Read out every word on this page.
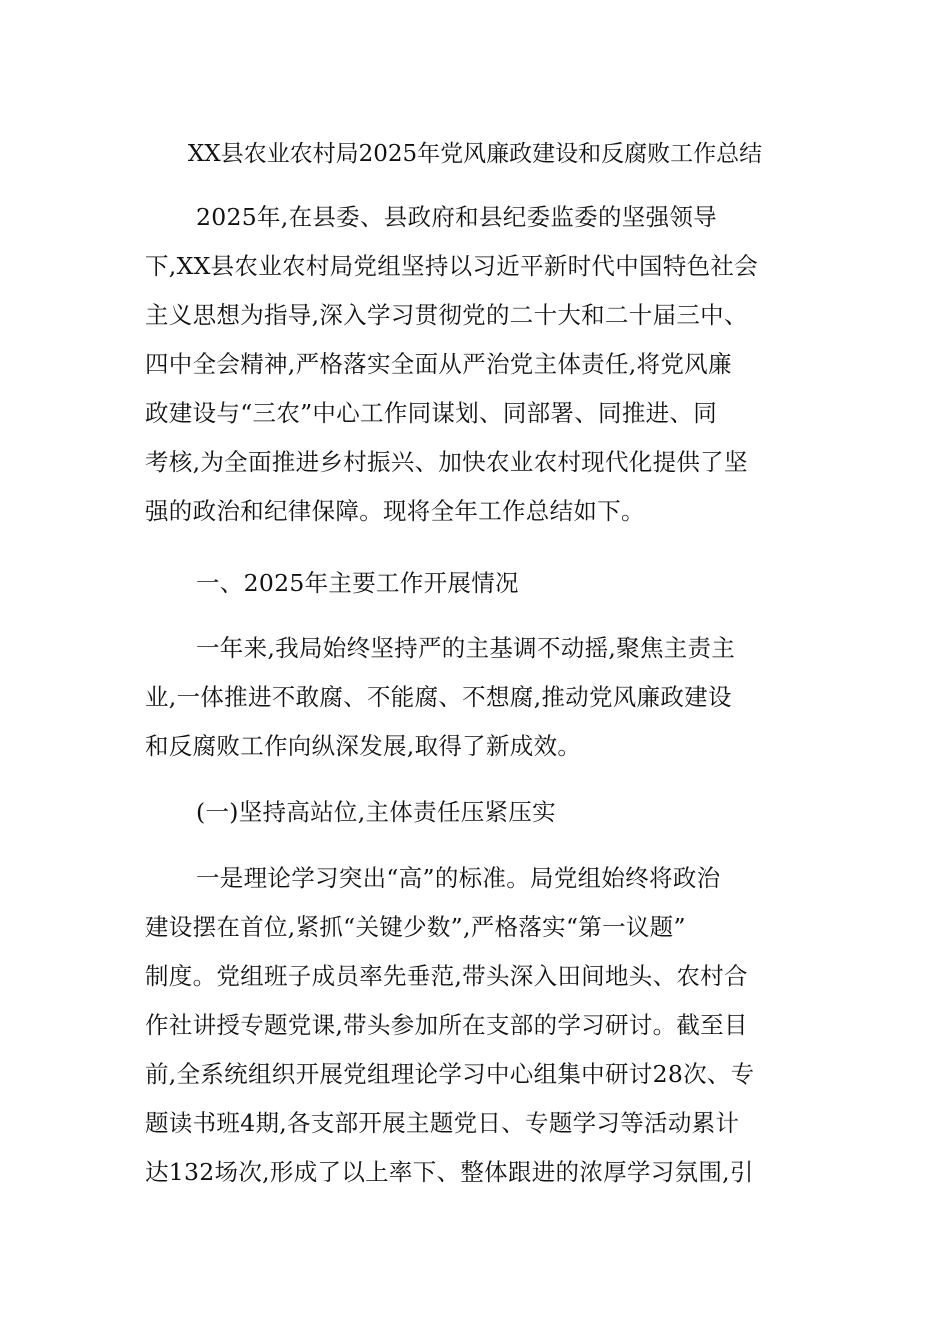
XX县农业农村局2025年党风廉政建设和反腐败工作总结
2025年,在县委、县政府和县纪委监委的坚强领导
下,XX县农业农村局党组坚持以习近平新时代中国特色社会
主义思想为指导,深入学习贯彻党的二十大和二十届三中、
四中全会精神,严格落实全面从严治党主体责任,将党风廉
政建设与“三农”中心工作同谋划、同部署、同推进、同
考核,为全面推进乡村振兴、加快农业农村现代化提供了坚
强的政治和纪律保障。现将全年工作总结如下。
一、2025年主要工作开展情况
一年来,我局始终坚持严的主基调不动摇,聚焦主责主
业,一体推进不敢腐、不能腐、不想腐,推动党风廉政建设
和反腐败工作向纵深发展,取得了新成效。
(一)坚持高站位,主体责任压紧压实
一是理论学习突出“高”的标准。局党组始终将政治
建设摆在首位,紧抓“关键少数”,严格落实“第一议题”
制度。党组班子成员率先垂范,带头深入田间地头、农村合
作社讲授专题党课,带头参加所在支部的学习研讨。截至目
前,全系统组织开展党组理论学习中心组集中研讨28次、专
题读书班4期,各支部开展主题党日、专题学习等活动累计
达132场次,形成了以上率下、整体跟进的浓厚学习氛围,引
